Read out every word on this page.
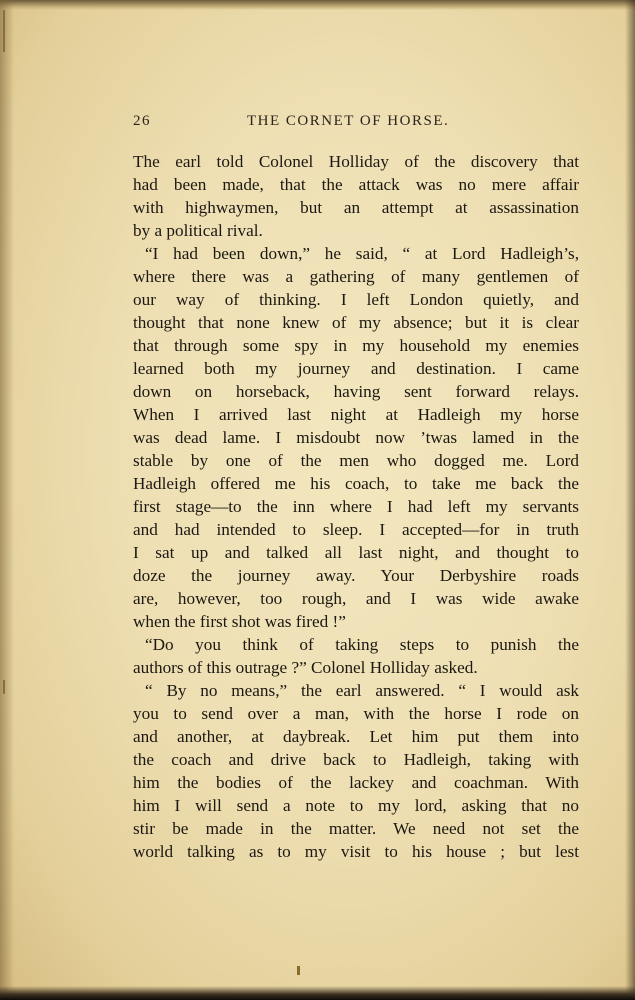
26	THE CORNET OF HORSE.
The earl told Colonel Holliday of the discovery that
had been made, that the attack was no mere affair
with highwaymen, but an attempt at assassination
by a political rival.
“I had been down,” he said, “ at Lord Hadleigh’s,
where there was a gathering of many gentlemen of
our way of thinking. I left London quietly, and
thought that none knew of my absence; but it is clear
that through some spy in my household my enemies
learned both my journey and destination. I came
down on horseback, having sent forward relays.
When I arrived last night at Hadleigh my horse
was dead lame. I misdoubt now ’twas lamed in the
stable by one of the men who dogged me. Lord
Hadleigh offered me his coach, to take me back the
first stage—to the inn where I had left my servants
and had intended to sleep. I accepted—for in truth
I sat up and talked all last night, and thought to
doze the journey away. Your Derbyshire roads
are, however, too rough, and I was wide awake
when the first shot was fired !”
“Do you think of taking steps to punish the
authors of this outrage ?” Colonel Holliday asked.
“ By no means,” the earl answered. “ I would ask
you to send over a man, with the horse I rode on
and another, at daybreak. Let him put them into
the coach and drive back to Hadleigh, taking with
him the bodies of the lackey and coachman. With
him I will send a note to my lord, asking that no
stir be made in the matter. We need not set the
world talking as to my visit to his house ; but lest
